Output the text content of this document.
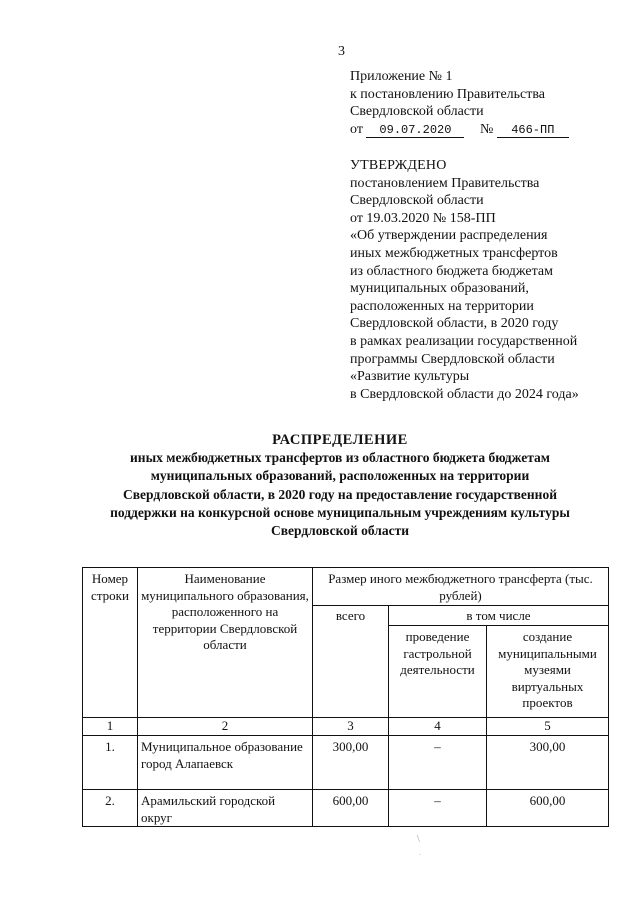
3
Приложение № 1
к постановлению Правительства
Свердловской области
от 09.07.2020 № 466-ПП
УТВЕРЖДЕНО
постановлением Правительства
Свердловской области
от 19.03.2020 № 158-ПП
«Об утверждении распределения
иных межбюджетных трансфертов
из областного бюджета бюджетам
муниципальных образований,
расположенных на территории
Свердловской области, в 2020 году
в рамках реализации государственной
программы Свердловской области
«Развитие культуры
в Свердловской области до 2024 года»
РАСПРЕДЕЛЕНИЕ
иных межбюджетных трансфертов из областного бюджета бюджетам
муниципальных образований, расположенных на территории
Свердловской области, в 2020 году на предоставление государственной
поддержки на конкурсной основе муниципальным учреждениям культуры
Свердловской области
Номер строки	Наименование муниципального образования, расположенного на территории Свердловской области	Размер иного межбюджетного трансферта (тыс. рублей)		
		всего	в том числе	
			проведение гастрольной деятельности	создание муниципальными музеями виртуальных проектов
1	2	3	4	5
1.	Муниципальное образование город Алапаевск	300,00	–	300,00
2.	Арамильский городской округ	600,00	–	600,00
\
.
